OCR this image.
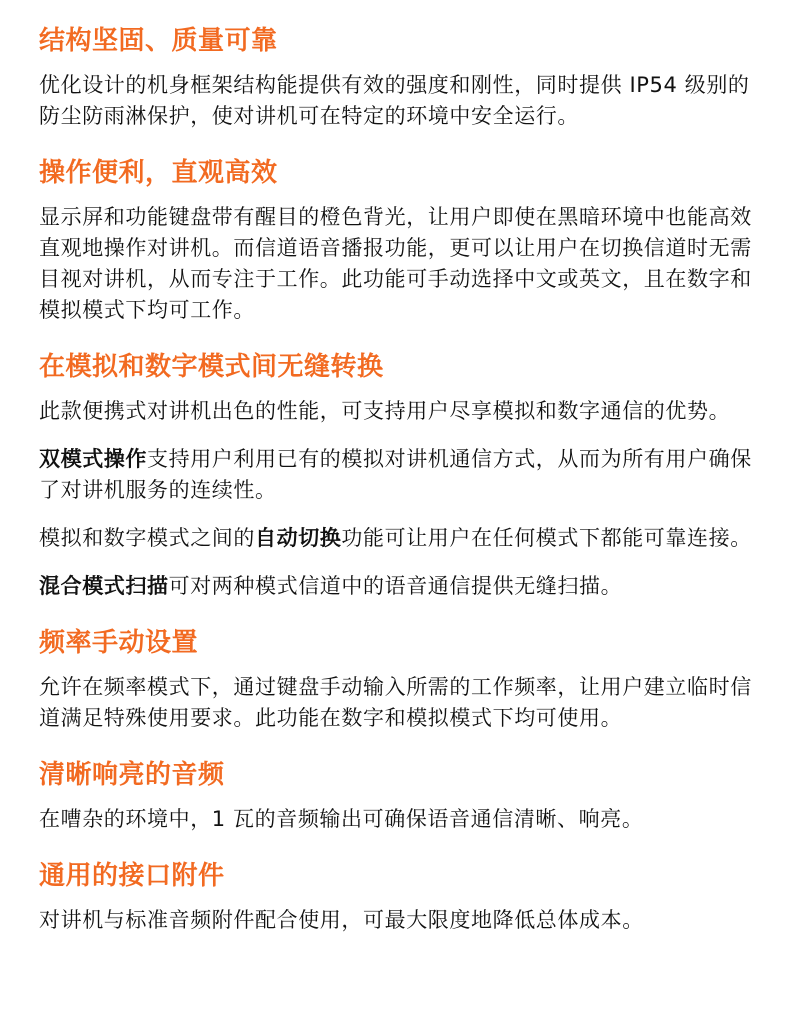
结构坚固、质量可靠

优化设计的机身框架结构能提供有效的强度和刚性，同时提供 IP54 级别的防尘防雨淋保护，使对讲机可在特定的环境中安全运行。

操作便利，直观高效

显示屏和功能键盘带有醒目的橙色背光，让用户即使在黑暗环境中也能高效直观地操作对讲机。而信道语音播报功能，更可以让用户在切换信道时无需目视对讲机，从而专注于工作。此功能可手动选择中文或英文，且在数字和模拟模式下均可工作。

在模拟和数字模式间无缝转换

此款便携式对讲机出色的性能，可支持用户尽享模拟和数字通信的优势。

双模式操作支持用户利用已有的模拟对讲机通信方式，从而为所有用户确保了对讲机服务的连续性。

模拟和数字模式之间的自动切换功能可让用户在任何模式下都能可靠连接。

混合模式扫描可对两种模式信道中的语音通信提供无缝扫描。

频率手动设置

允许在频率模式下，通过键盘手动输入所需的工作频率，让用户建立临时信道满足特殊使用要求。此功能在数字和模拟模式下均可使用。

清晰响亮的音频

在嘈杂的环境中，1 瓦的音频输出可确保语音通信清晰、响亮。

通用的接口附件

对讲机与标准音频附件配合使用，可最大限度地降低总体成本。
